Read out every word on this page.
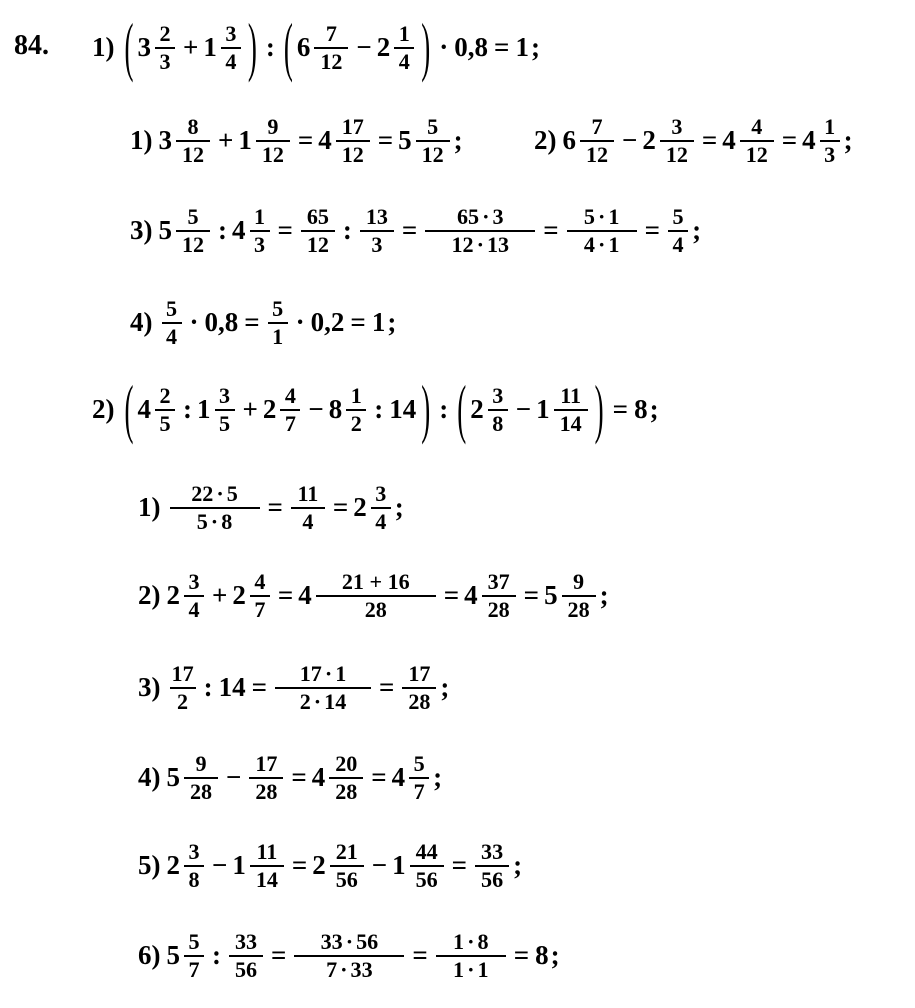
84. 1) ( $3 \frac{2}{3} + 1 \frac{3}{4}$ ) : ( $6 \frac{7}{12} - 2 \frac{1}{4}$ ) · 0,8 = 1 ;
1) $3 \frac{8}{12} + 1 \frac{9}{12} = 4 \frac{17}{12} = 5 \frac{5}{12}$ ;	2) $6 \frac{7}{12} - 2 \frac{3}{12} = 4 \frac{4}{12} = 4 \frac{1}{3}$ ;
3) $5 \frac{5}{12}$ : $4 \frac{1}{3} = \frac{65}{12}$ : $\frac{13}{3} = \frac{65 \cdot 3}{12 \cdot 13} = \frac{5 \cdot 1}{4 \cdot 1} = \frac{5}{4}$ ;
$4) \frac{5}{4} \cdot 0,8 = \frac{5}{1} \cdot 0,2 = 1$ ;
2) ( $4 \frac{2}{5}$ : $1 \frac{3}{5} + 2 \frac{4}{7} - 8 \frac{1}{2}$ : 14 ) : ( $2 \frac{3}{8} - 1 \frac{11}{14}$ ) = 8 ;
$1) \frac{22 \cdot 5}{5 \cdot 8} = \frac{11}{4} = 2 \frac{3}{4}$ ;
2) $2 \frac{3}{4} + 2 \frac{4}{7} = 4 \frac{21 + 16}{28} = 4 \frac{37}{28} = 5 \frac{9}{28}$ ;
$3) \frac{17}{2}$ : $14 = \frac{17 \cdot 1}{2 \cdot 14} = \frac{17}{28}$ ;
4) $5 \frac{9}{28} - \frac{17}{28} = 4 \frac{20}{28} = 4 \frac{5}{7}$ ;
5) $2 \frac{3}{8} - 1 \frac{11}{14} = 2 \frac{21}{56} - 1 \frac{44}{56} = \frac{33}{56}$ ;
6) $5 \frac{5}{7}$ : $\frac{33}{56} = \frac{33 \cdot 56}{7 \cdot 33} = \frac{1 \cdot 8}{1 \cdot 1} = 8$ ;
